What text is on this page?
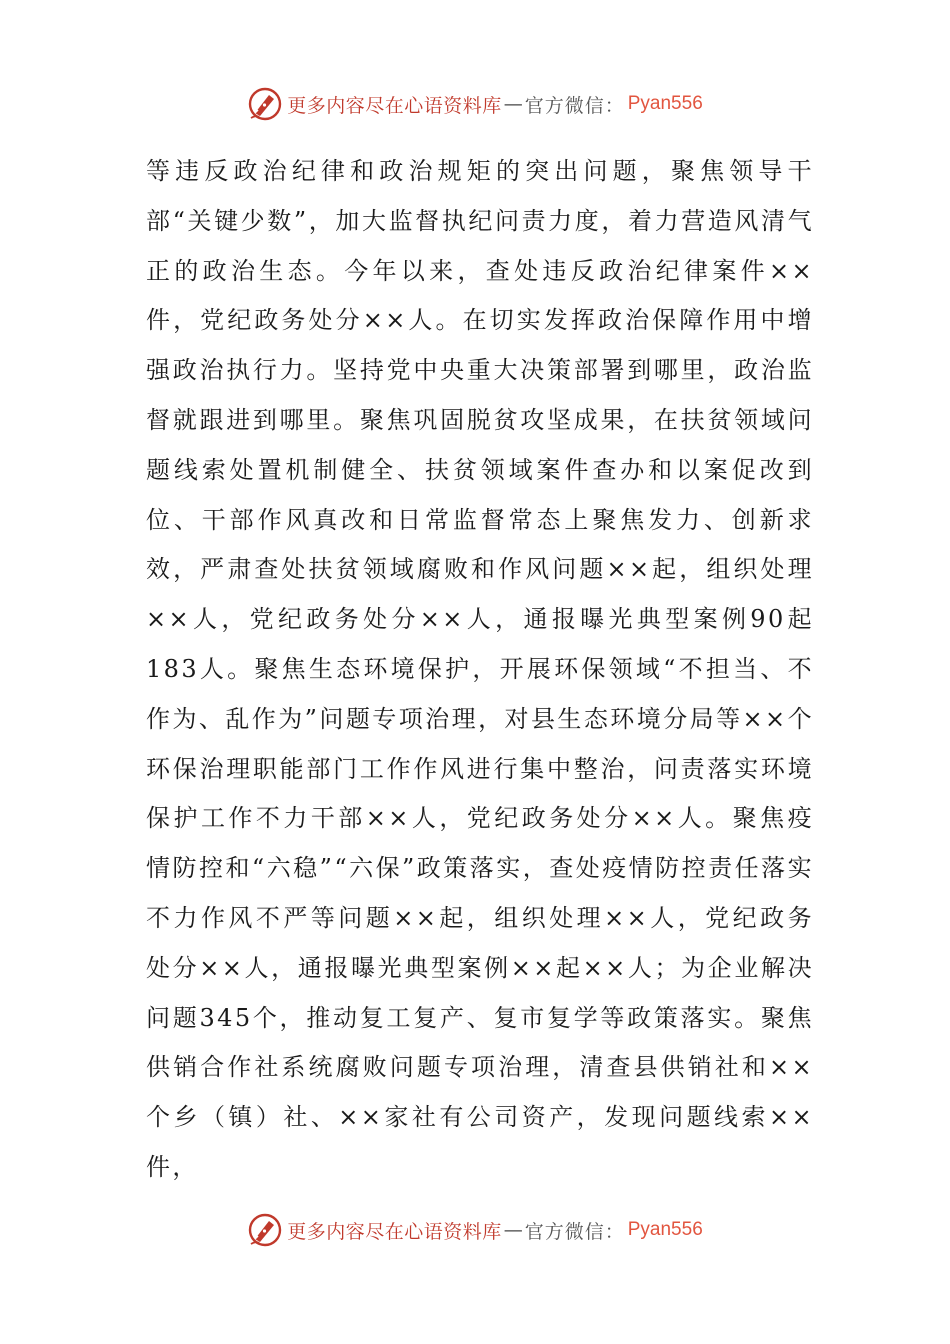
更多内容尽在心语资料库 — 官方微信： Pyan556

等违反政治纪律和政治规矩的突出问题，聚焦领导干部“关键少数”，加大监督执纪问责力度，着力营造风清气正的政治生态。今年以来，查处违反政治纪律案件××件，党纪政务处分××人。在切实发挥政治保障作用中增强政治执行力。坚持党中央重大决策部署到哪里，政治监督就跟进到哪里。聚焦巩固脱贫攻坚成果，在扶贫领域问题线索处置机制健全、扶贫领域案件查办和以案促改到位、干部作风真改和日常监督常态上聚焦发力、创新求效，严肃查处扶贫领域腐败和作风问题××起，组织处理××人，党纪政务处分××人，通报曝光典型案例90起183人。聚焦生态环境保护，开展环保领域“不担当、不作为、乱作为”问题专项治理，对县生态环境分局等××个环保治理职能部门工作作风进行集中整治，问责落实环境保护工作不力干部××人，党纪政务处分××人。聚焦疫情防控和“六稳”“六保”政策落实，查处疫情防控责任落实不力作风不严等问题××起，组织处理××人，党纪政务处分××人，通报曝光典型案例××起××人；为企业解决问题345个，推动复工复产、复市复学等政策落实。聚焦供销合作社系统腐败问题专项治理，清查县供销社和××个乡（镇）社、××家社有公司资产，发现问题线索××件，

更多内容尽在心语资料库 — 官方微信： Pyan556
